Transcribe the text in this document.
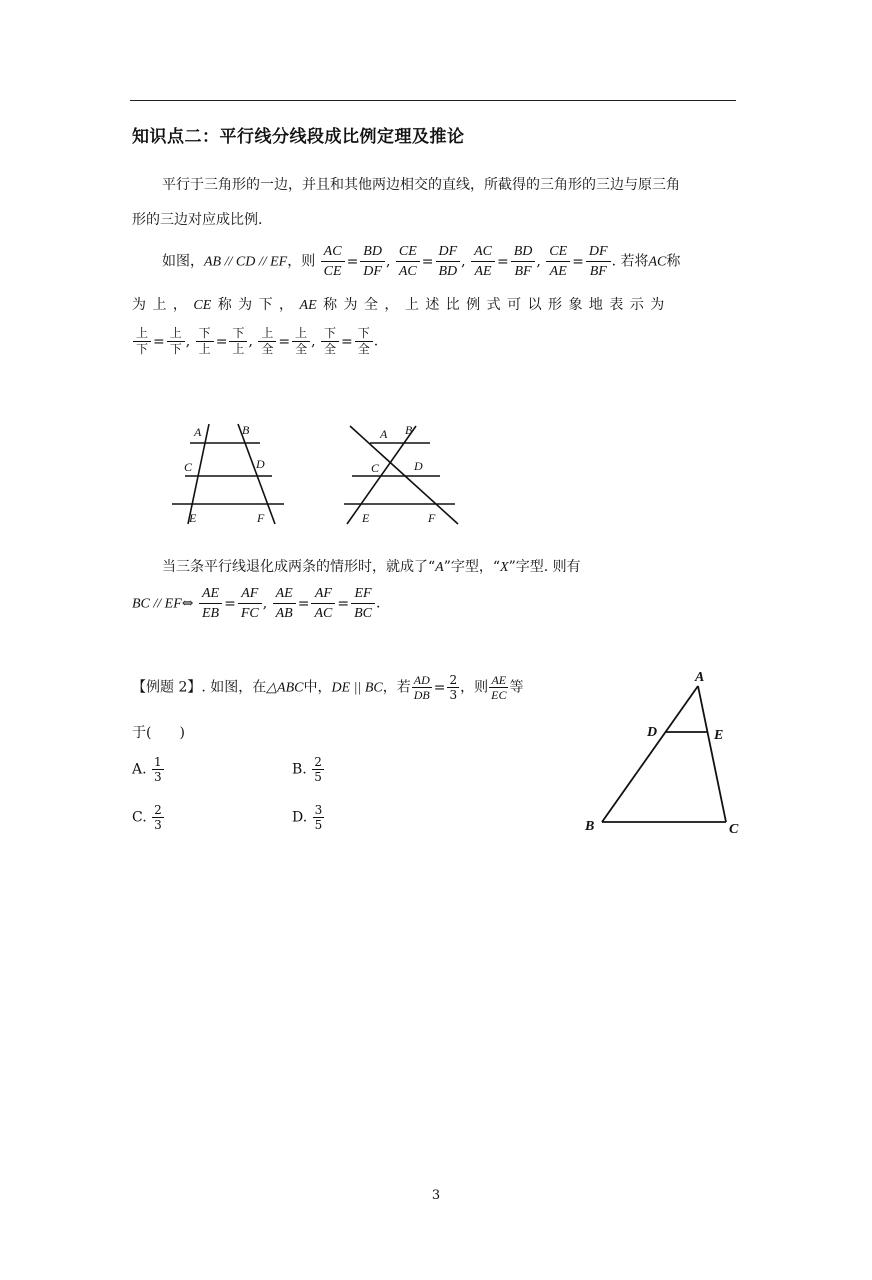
知识点二：平行线分线段成比例定理及推论
平行于三角形的一边，并且和其他两边相交的直线，所截得的三角形的三边与原三角
形的三边对应成比例.
如图，AB // CD // EF，则 $\frac{AC}{CE} = \frac{BD}{DF}$ , $\frac{CE}{AC} = \frac{DF}{BD}$ , $\frac{AC}{AE} = \frac{BD}{BF}$ , $\frac{CE}{AE} = \frac{DF}{BF}$ . 若将AC称
为 上 ， CE 称 为 下 ， AE 称 为 全 ， 上 述 比 例 式 可 以 形 象 地 表 示 为
$\frac{\text{上}}{\text{下}} = \frac{\text{上}}{\text{下}}$ , $\frac{\text{下}}{\text{上}} = \frac{\text{下}}{\text{上}}$ , $\frac{\text{上}}{\text{全}} = \frac{\text{上}}{\text{全}}$ , $\frac{\text{下}}{\text{全}} = \frac{\text{下}}{\text{全}}$ .
A	B
C	D
E	F
A B
C	D
E	F
当三条平行线退化成两条的情形时，就成了“A”字型，“X”字型. 则有
BC // EF⇔ $\frac{AE}{EB} = \frac{AF}{FC}$ , $\frac{AE}{AB} = \frac{AF}{AC} = \frac{EF}{BC}$ .
【例题 2】. 如图，在△ABC中，DE || BC，若 $\frac{AD}{DB} = \frac{2}{3}$ ，则 $\frac{AE}{EC}$ 等
于(　　)
A. $\frac{1}{3}$	B. $\frac{2}{5}$
C. $\frac{2}{3}$	D. $\frac{3}{5}$
A
D	E
B	C
3
